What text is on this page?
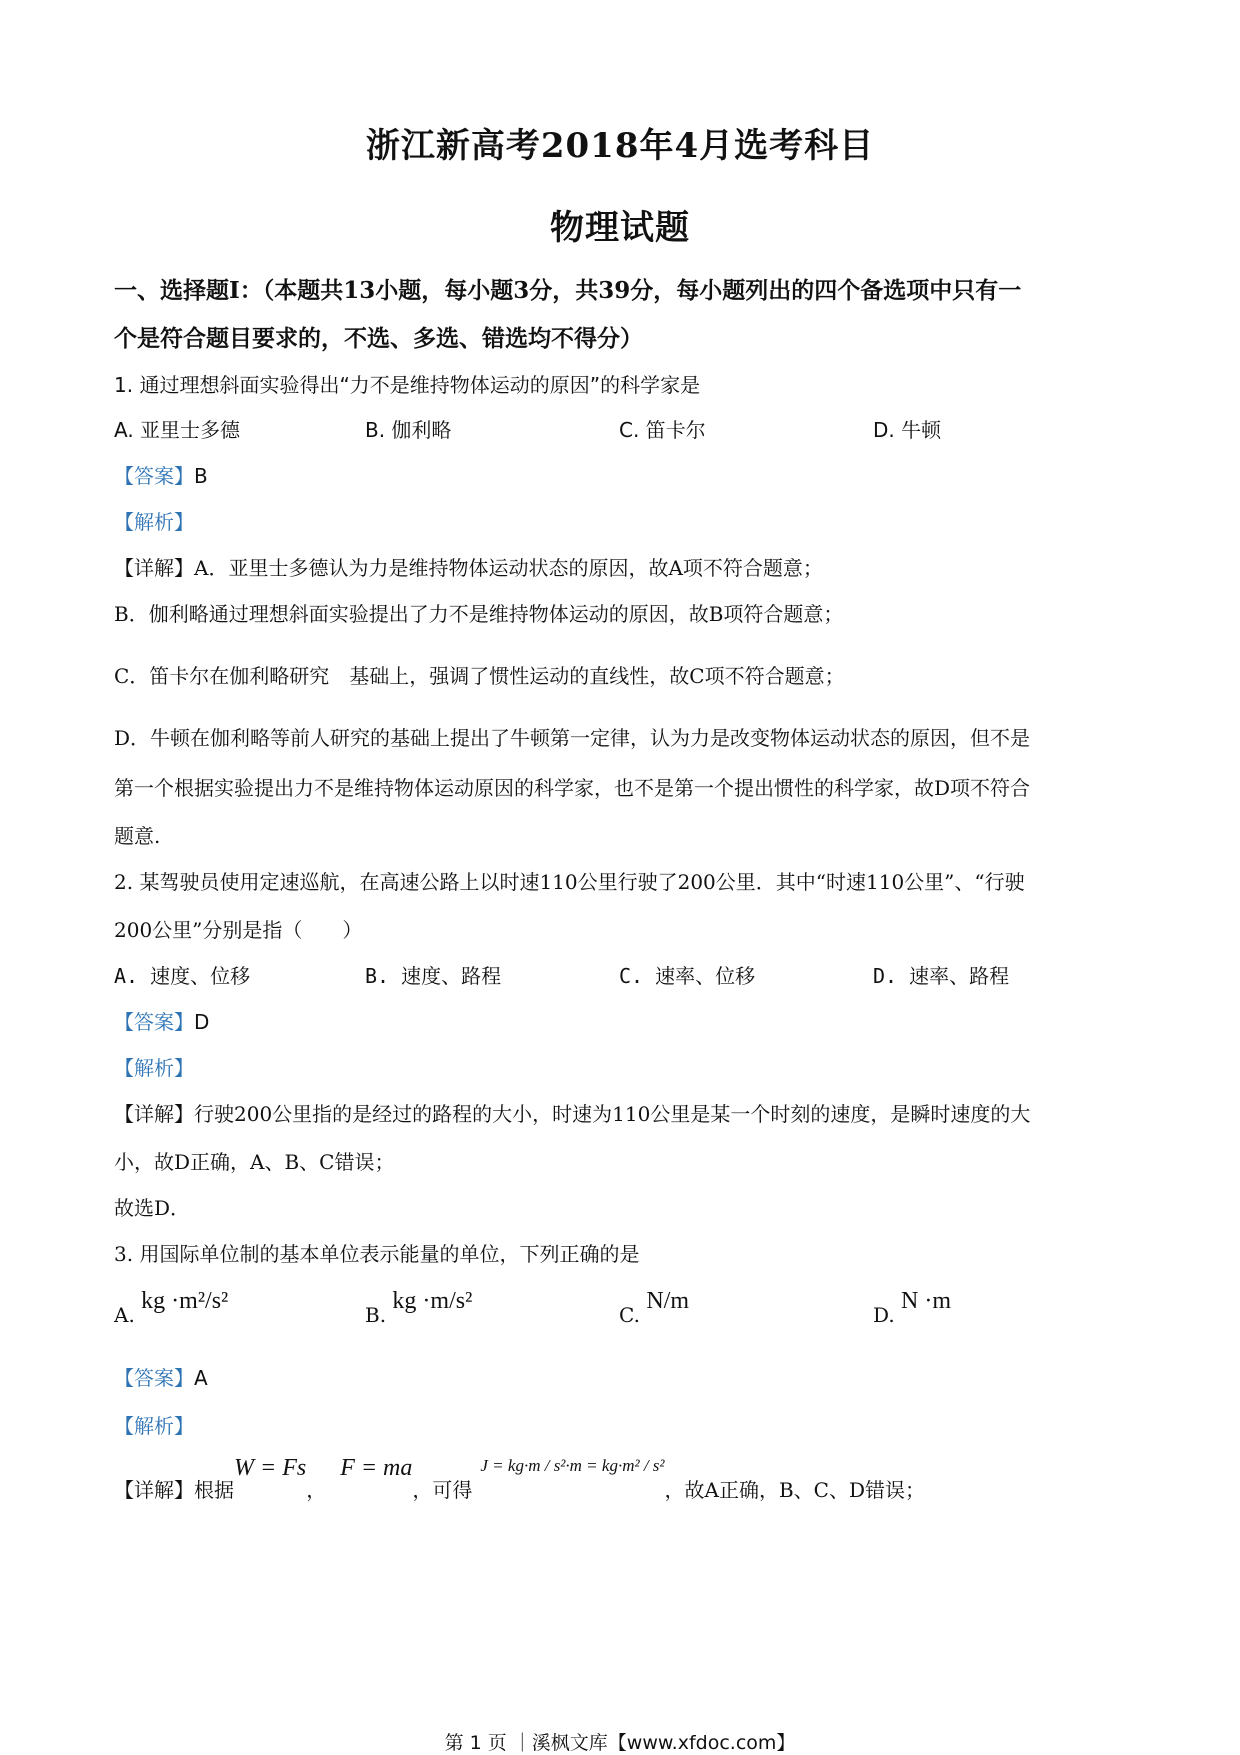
浙江新高考2018年4月选考科目
物理试题
一、选择题Ⅰ：（本题共13小题，每小题3分，共39分，每小题列出的四个备选项中只有一
个是符合题目要求的，不选、多选、错选均不得分）
1. 通过理想斜面实验得出“力不是维持物体运动的原因”的科学家是
A. 亚里士多德	B. 伽利略	C. 笛卡尔	D. 牛顿
【答案】B
【解析】
【详解】A．亚里士多德认为力是维持物体运动状态的原因，故A项不符合题意；
B．伽利略通过理想斜面实验提出了力不是维持物体运动的原因，故B项符合题意；
C．笛卡尔在伽利略研究　基础上，强调了惯性运动的直线性，故C项不符合题意；
D．牛顿在伽利略等前人研究的基础上提出了牛顿第一定律，认为力是改变物体运动状态的原因，但不是
第一个根据实验提出力不是维持物体运动原因的科学家，也不是第一个提出惯性的科学家，故D项不符合
题意.
2. 某驾驶员使用定速巡航，在高速公路上以时速110公里行驶了200公里．其中“时速110公里”、“行驶
200公里”分别是指（　　）
A. 速度、位移	B. 速度、路程	C. 速率、位移	D. 速率、路程
【答案】D
【解析】
【详解】行驶200公里指的是经过的路程的大小，时速为110公里是某一个时刻的速度，是瞬时速度的大
小，故D正确，A、B、C错误；
故选D．
3. 用国际单位制的基本单位表示能量的单位，下列正确的是
A. kg ·m²/s²
B. kg ·m/s²
C. N/m
D. N ·m
【答案】A
【解析】
【详解】根据W = Fs，F = ma，可得$^{J = kg\cdot m / s^2\cdot m = kg\cdot m^2 / s^2}$，故A正确，B、C、D错误；
第 1 页 ｜溪枫文库【www.xfdoc.com】
